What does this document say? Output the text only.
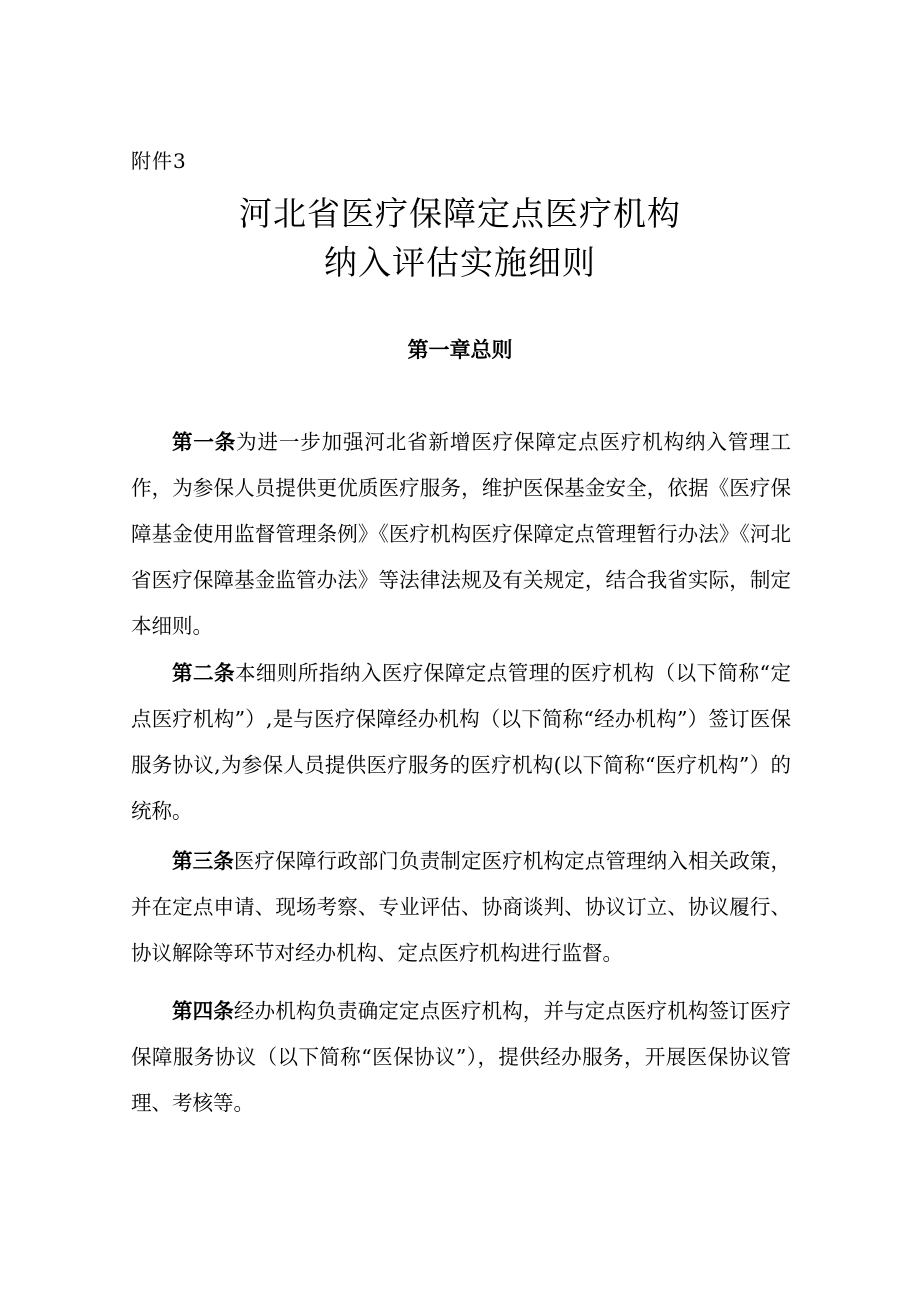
附件3
河北省医疗保障定点医疗机构
纳入评估实施细则
第一章总则

第一条为进一步加强河北省新增医疗保障定点医疗机构纳入管理工作，为参保人员提供更优质医疗服务，维护医保基金安全，依据《医疗保障基金使用监督管理条例》《医疗机构医疗保障定点管理暂行办法》《河北省医疗保障基金监管办法》等法律法规及有关规定，结合我省实际，制定本细则。

第二条本细则所指纳入医疗保障定点管理的医疗机构（以下简称“定点医疗机构”）,是与医疗保障经办机构（以下简称“经办机构”）签订医保服务协议,为参保人员提供医疗服务的医疗机构(以下简称“医疗机构”）的统称。

第三条医疗保障行政部门负责制定医疗机构定点管理纳入相关政策，并在定点申请、现场考察、专业评估、协商谈判、协议订立、协议履行、协议解除等环节对经办机构、定点医疗机构进行监督。

第四条经办机构负责确定定点医疗机构，并与定点医疗机构签订医疗保障服务协议（以下简称“医保协议”），提供经办服务，开展医保协议管理、考核等。
